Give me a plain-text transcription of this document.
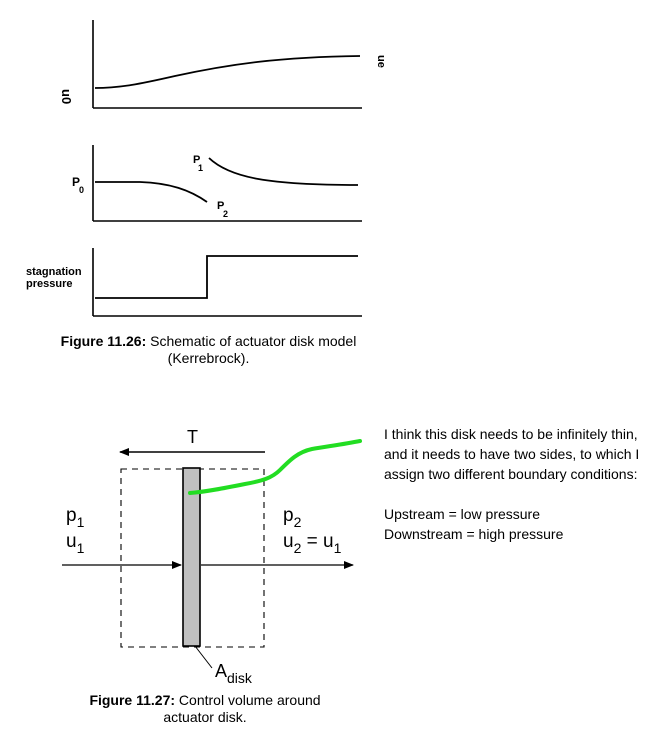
u0
ue
P
0
P
1
P
2
stagnation
pressure
T
$p_1$
$u_1$
$p_2$
$u_2 = u_1$
$A_{disk}$
Figure 11.26: Schematic of actuator disk model
(Kerrebrock).
Figure 11.27: Control volume around
actuator disk.

I think this disk needs to be infinitely thin, and it needs to have two sides, to which I assign two different boundary conditions:

Upstream = low pressure

Downstream = high pressure
